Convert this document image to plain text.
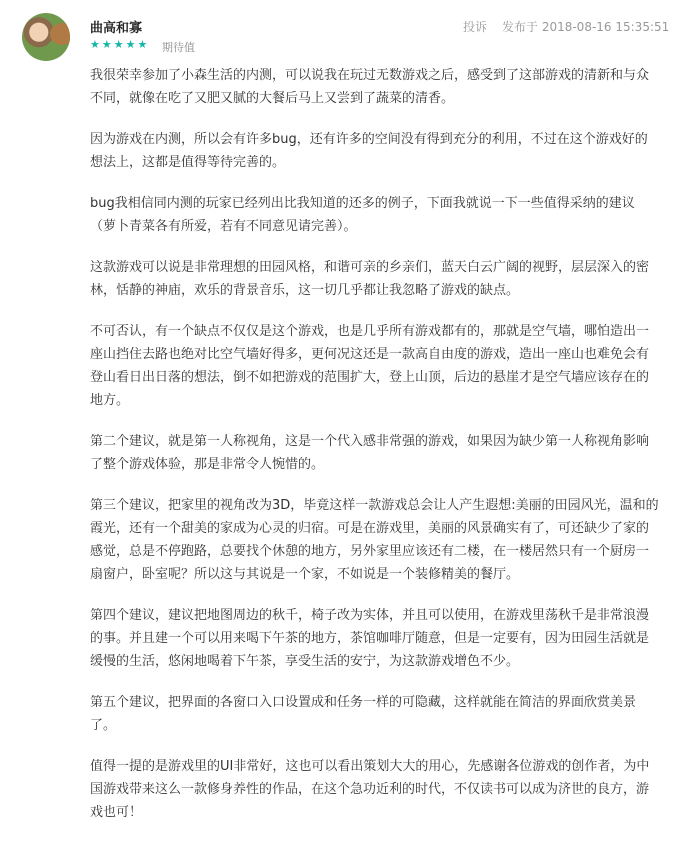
曲高和寡
★ ★ ★ ★ ★ 期待值
投诉 发布于 2018-08-16 15:35:51

我很荣幸参加了小森生活的内测，可以说我在玩过无数游戏之后，感受到了这部游戏的清新和与众不同，就像在吃了又肥又腻的大餐后马上又尝到了蔬菜的清香。

因为游戏在内测，所以会有许多bug，还有许多的空间没有得到充分的利用，不过在这个游戏好的想法上，这都是值得等待完善的。

bug我相信同内测的玩家已经列出比我知道的还多的例子，下面我就说一下一些值得采纳的建议（萝卜青菜各有所爱，若有不同意见请完善）。

这款游戏可以说是非常理想的田园风格，和谐可亲的乡亲们，蓝天白云广阔的视野，层层深入的密林，恬静的神庙，欢乐的背景音乐，这一切几乎都让我忽略了游戏的缺点。

不可否认，有一个缺点不仅仅是这个游戏，也是几乎所有游戏都有的，那就是空气墙，哪怕造出一座山挡住去路也绝对比空气墙好得多，更何况这还是一款高自由度的游戏，造出一座山也难免会有登山看日出日落的想法，倒不如把游戏的范围扩大，登上山顶，后边的悬崖才是空气墙应该存在的地方。

第二个建议，就是第一人称视角，这是一个代入感非常强的游戏，如果因为缺少第一人称视角影响了整个游戏体验，那是非常令人惋惜的。

第三个建议，把家里的视角改为3D，毕竟这样一款游戏总会让人产生遐想:美丽的田园风光，温和的霞光，还有一个甜美的家成为心灵的归宿。可是在游戏里，美丽的风景确实有了，可还缺少了家的感觉，总是不停跑路，总要找个休憩的地方，另外家里应该还有二楼，在一楼居然只有一个厨房一扇窗户，卧室呢？所以这与其说是一个家，不如说是一个装修精美的餐厅。

第四个建议，建议把地图周边的秋千，椅子改为实体，并且可以使用，在游戏里荡秋千是非常浪漫的事。并且建一个可以用来喝下午茶的地方，茶馆咖啡厅随意，但是一定要有，因为田园生活就是缓慢的生活，悠闲地喝着下午茶，享受生活的安宁，为这款游戏增色不少。

第五个建议，把界面的各窗口入口设置成和任务一样的可隐藏，这样就能在简洁的界面欣赏美景了。

值得一提的是游戏里的UI非常好，这也可以看出策划大大的用心，先感谢各位游戏的创作者，为中国游戏带来这么一款修身养性的作品，在这个急功近利的时代，不仅读书可以成为济世的良方，游戏也可！
